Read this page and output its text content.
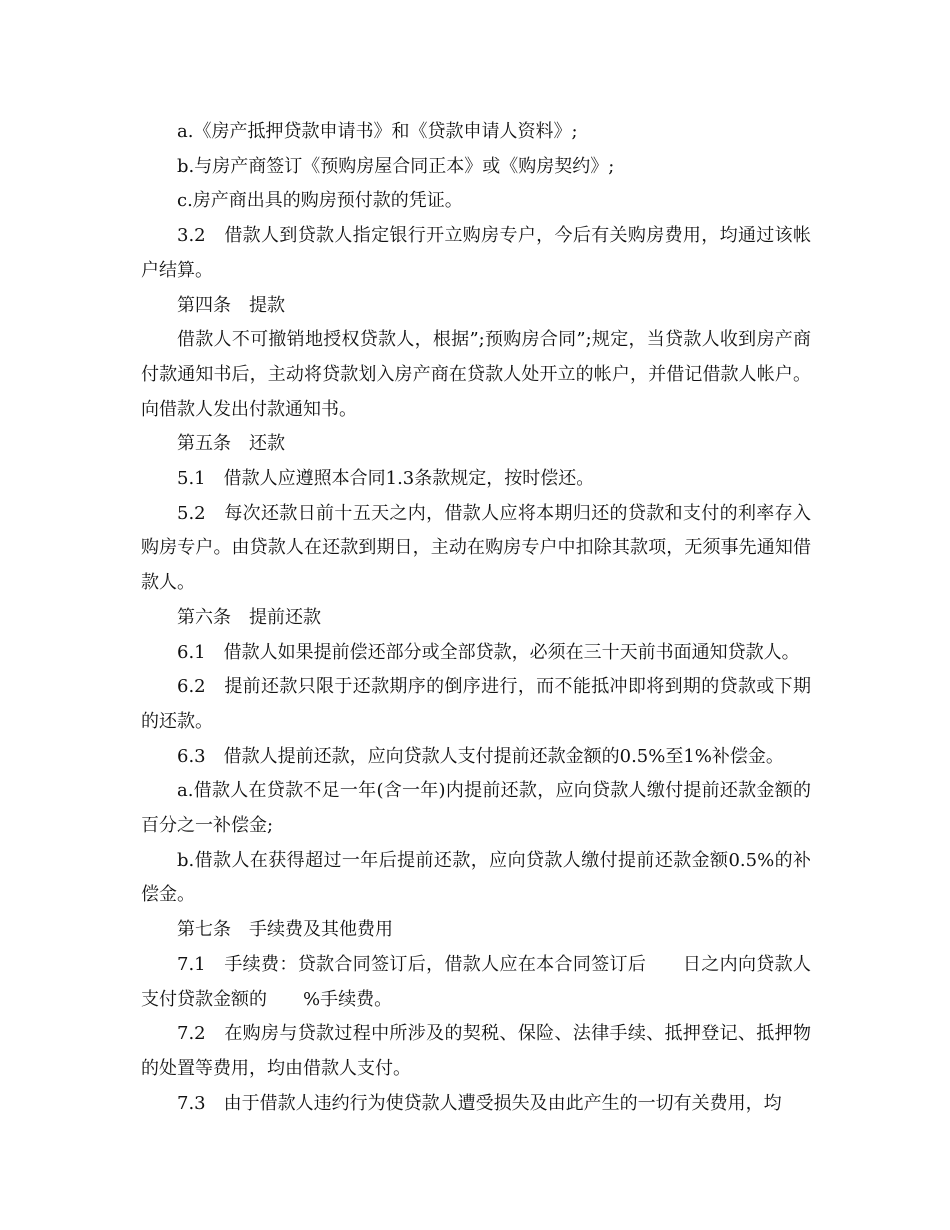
a.《房产抵押贷款申请书》和《贷款申请人资料》;

b.与房产商签订《预购房屋合同正本》或《购房契约》;

c.房产商出具的购房预付款的凭证。

3.2　借款人到贷款人指定银行开立购房专户，今后有关购房费用，均通过该帐户结算。

第四条　提款

借款人不可撤销地授权贷款人，根据”;预购房合同”;规定，当贷款人收到房产商付款通知书后，主动将贷款划入房产商在贷款人处开立的帐户，并借记借款人帐户。向借款人发出付款通知书。

第五条　还款

5.1　借款人应遵照本合同1.3条款规定，按时偿还。

5.2　每次还款日前十五天之内，借款人应将本期归还的贷款和支付的利率存入购房专户。由贷款人在还款到期日，主动在购房专户中扣除其款项，无须事先通知借款人。

第六条　提前还款

6.1　借款人如果提前偿还部分或全部贷款，必须在三十天前书面通知贷款人。

6.2　提前还款只限于还款期序的倒序进行，而不能抵冲即将到期的贷款或下期的还款。

6.3　借款人提前还款，应向贷款人支付提前还款金额的0.5%至1%补偿金。

a.借款人在贷款不足一年(含一年)内提前还款，应向贷款人缴付提前还款金额的百分之一补偿金;

b.借款人在获得超过一年后提前还款，应向贷款人缴付提前还款金额0.5%的补偿金。

第七条　手续费及其他费用

7.1　手续费：贷款合同签订后，借款人应在本合同签订后　　日之内向贷款人支付贷款金额的　　%手续费。

7.2　在购房与贷款过程中所涉及的契税、保险、法律手续、抵押登记、抵押物的处置等费用，均由借款人支付。

7.3　由于借款人违约行为使贷款人遭受损失及由此产生的一切有关费用，均
